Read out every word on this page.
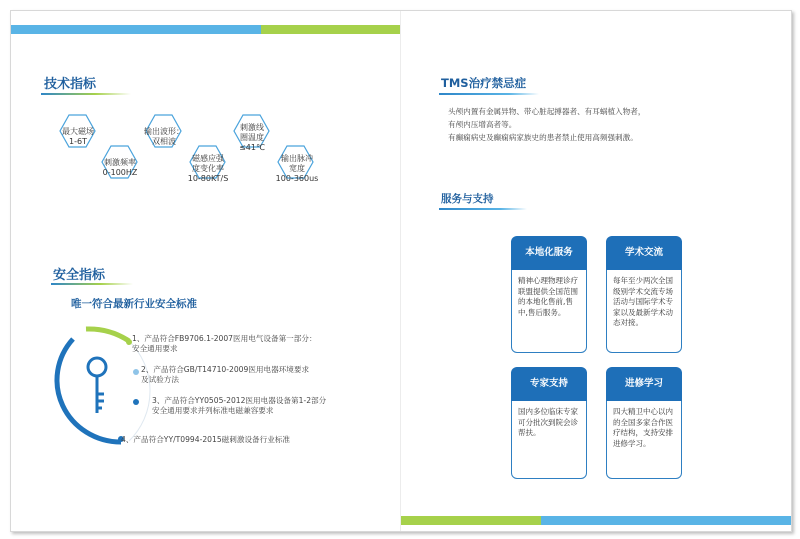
技术指标
最大磁场
1-6T
刺激频率
0-100HZ
输出波形：
双相波
磁感应强
度变化率
10-80KT/S
刺激线
圈温度
≤41℃
输出脉冲
宽度
100-360us
安全指标
唯一符合最新行业安全标准
1、产品符合FB9706.1-2007医用电气设备第一部分：
安全通用要求
2、产品符合GB/T14710-2009医用电器环境要求
及试验方法
3、产品符合YY0505-2012医用电器设备第1-2部分
安全通用要求并列标准电磁兼容要求
4、产品符合YY/T0994-2015磁刺激设备行业标准
TMS治疗禁忌症
头颅内置有金属异物、带心脏起搏器者、有耳蜗植入物者，
有颅内压增高者等。
有癫痫病史及癫痫病家族史的患者禁止使用高频强刺激。
服务与支持
本地化服务
精神心理物理诊疗联盟提供全国范围的本地化售前,售中,售后服务。
学术交流
每年至少两次全国级别学术交流专场活动与国际学术专家以及最新学术动态对接。
专家支持
国内多位临床专家可分批次到院会诊帮扶。
进修学习
四大精卫中心以内的全国多家合作医疗结构，支持安排进修学习。
